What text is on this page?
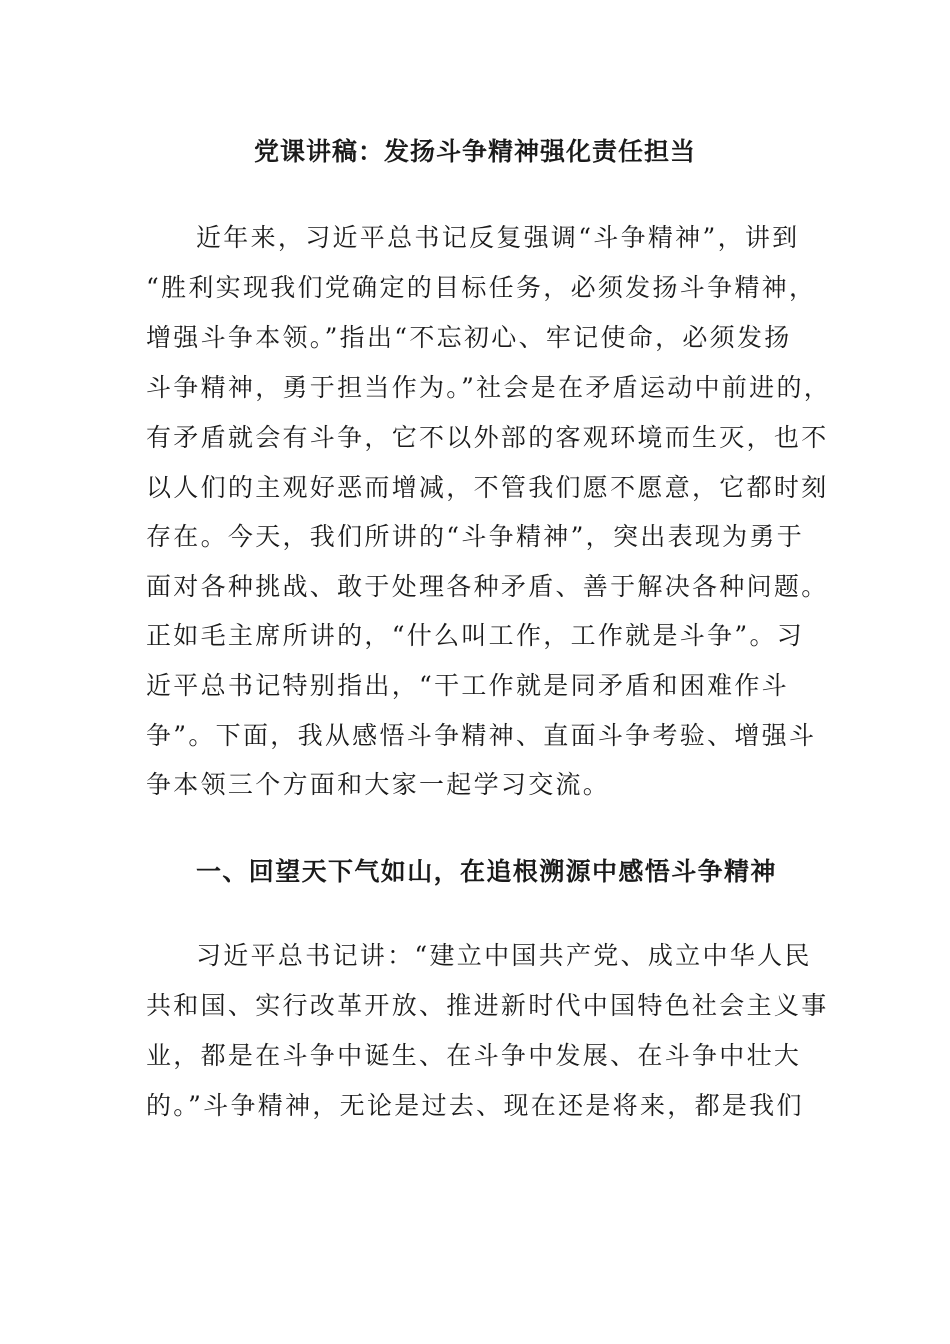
党课讲稿：发扬斗争精神强化责任担当
近年来，习近平总书记反复强调“斗争精神”，讲到
“胜利实现我们党确定的目标任务，必须发扬斗争精神，
增强斗争本领。”指出“不忘初心、牢记使命，必须发扬
斗争精神，勇于担当作为。”社会是在矛盾运动中前进的，
有矛盾就会有斗争，它不以外部的客观环境而生灭，也不
以人们的主观好恶而增减，不管我们愿不愿意，它都时刻
存在。今天，我们所讲的“斗争精神”，突出表现为勇于
面对各种挑战、敢于处理各种矛盾、善于解决各种问题。
正如毛主席所讲的，“什么叫工作，工作就是斗争”。习
近平总书记特别指出，“干工作就是同矛盾和困难作斗
争”。下面，我从感悟斗争精神、直面斗争考验、增强斗
争本领三个方面和大家一起学习交流。
一、回望天下气如山，在追根溯源中感悟斗争精神
习近平总书记讲：“建立中国共产党、成立中华人民
共和国、实行改革开放、推进新时代中国特色社会主义事
业，都是在斗争中诞生、在斗争中发展、在斗争中壮大
的。”斗争精神，无论是过去、现在还是将来，都是我们
